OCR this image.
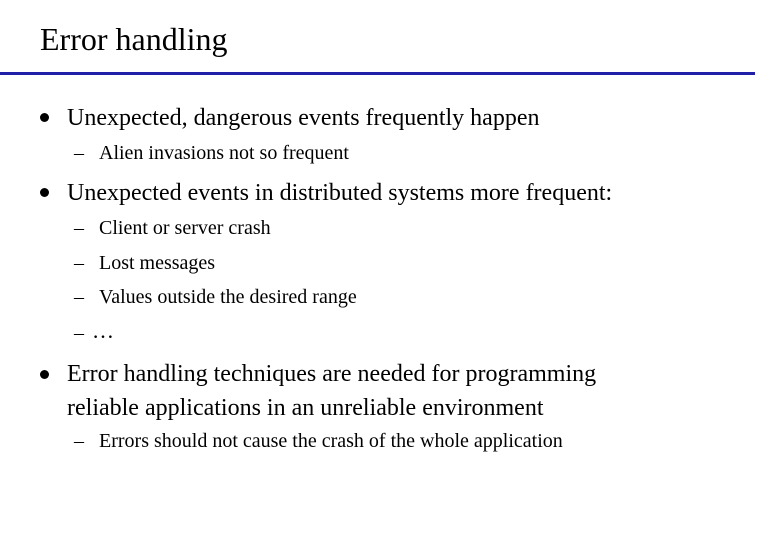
Error handling
Unexpected, dangerous events frequently happen
– Alien invasions not so frequent
Unexpected events in distributed systems more frequent:
– Client or server crash
– Lost messages
– Values outside the desired range
– …
Error handling techniques are needed for programming
reliable applications in an unreliable environment
– Errors should not cause the crash of the whole application
